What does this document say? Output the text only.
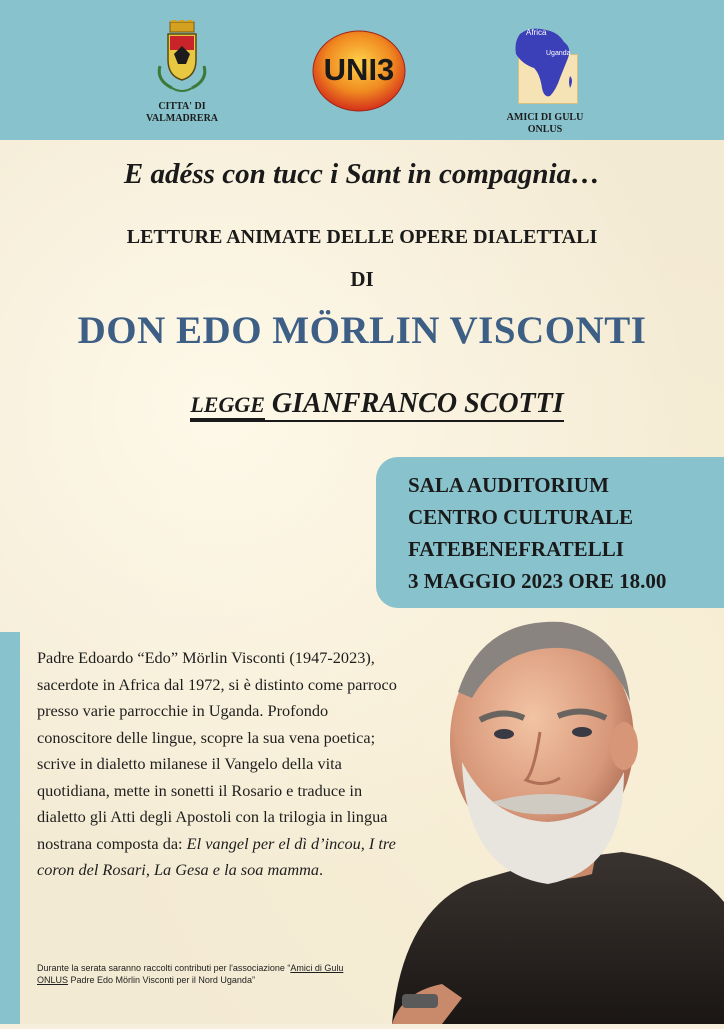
CITTA' DI
VALMADRERA
UNI3
Africa
Uganda
AMICI DI GULU
ONLUS
E adéss con tucc i Sant in compagnia…
LETTURE ANIMATE DELLE OPERE DIALETTALI
DI
DON EDO MÖRLIN VISCONTI
LEGGE GIANFRANCO SCOTTI
SALA AUDITORIUM
CENTRO CULTURALE
FATEBENEFRATELLI
3 MAGGIO 2023 ORE 18.00
Padre Edoardo “Edo” Mörlin Visconti (1947-2023), sacerdote in Africa dal 1972, si è distinto come parroco presso varie parrocchie in Uganda. Profondo conoscitore delle lingue, scopre la sua vena poetica; scrive in dialetto milanese il Vangelo della vita quotidiana, mette in sonetti il Rosario e traduce in dialetto gli Atti degli Apostoli con la trilogia in lingua nostrana composta da: El vangel per el dì d’incou, I tre coron del Rosari, La Gesa e la soa mamma.
Durante la serata saranno raccolti contributi per l'associazione “Amici di Gulu ONLUS Padre Edo Mörlin Visconti per il Nord Uganda”
